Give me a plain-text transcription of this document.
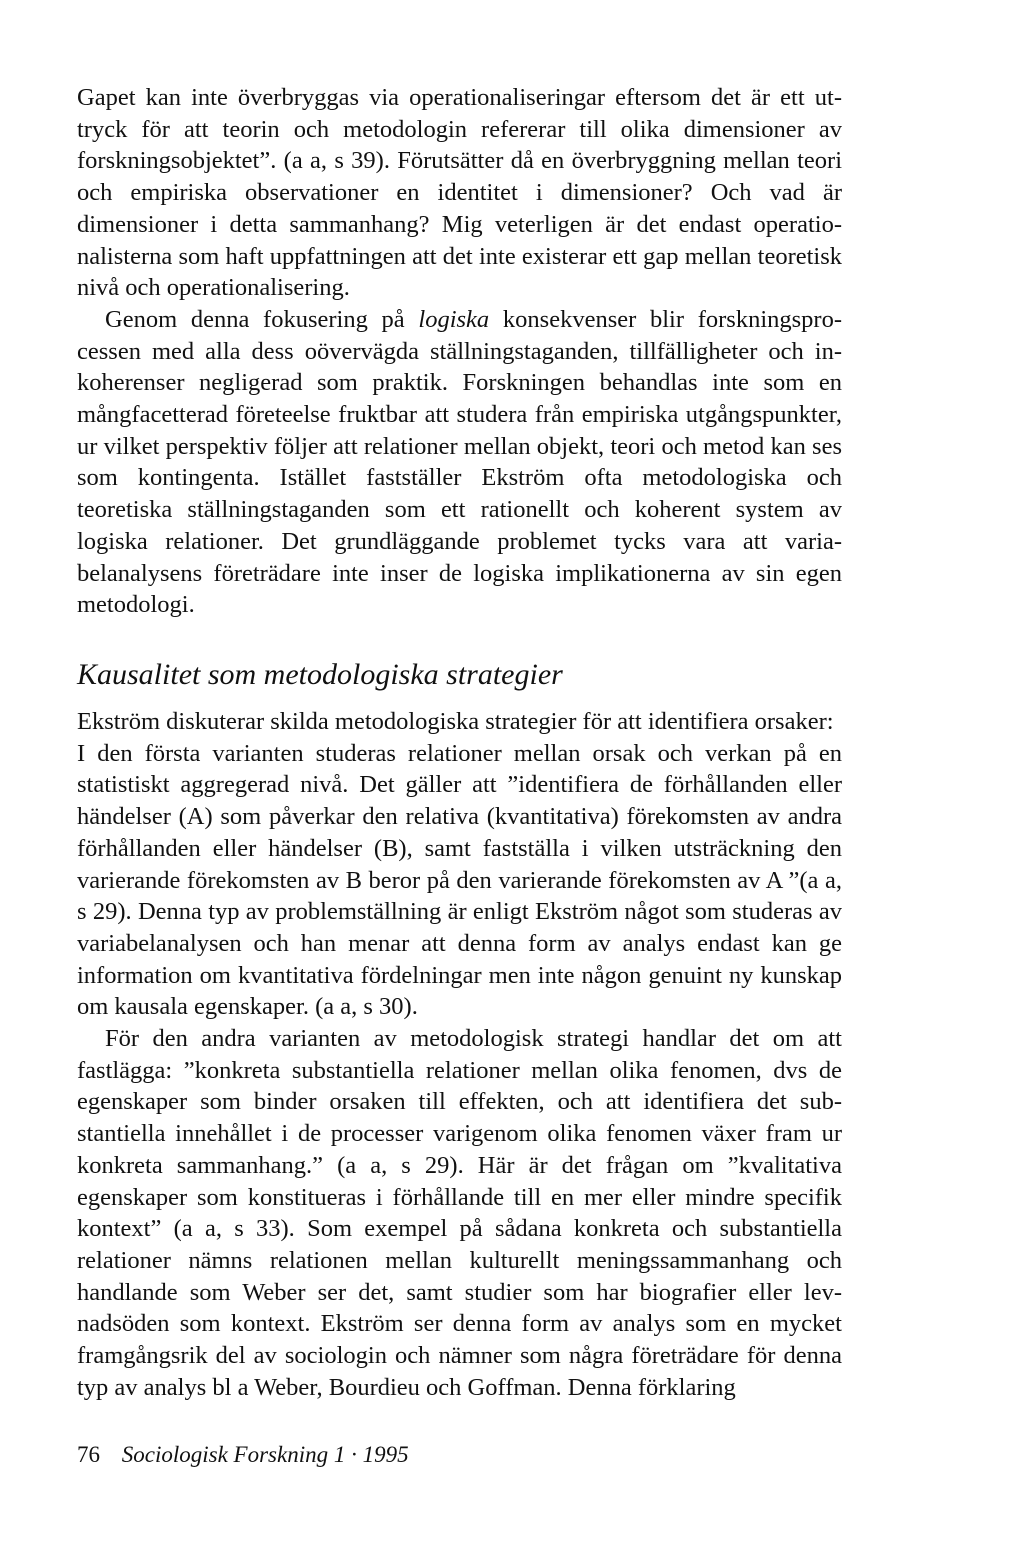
Gapet kan inte överbryggas via operationaliseringar eftersom det är ett uttryck för att teorin och metodologin refererar till olika dimensioner av forskningsobjektet”. (a a, s 39). Förutsätter då en överbryggning mellan teori och empiriska observationer en identitet i dimensioner? Och vad är dimensioner i detta sammanhang? Mig veterligen är det endast operationalisterna som haft uppfattningen att det inte existerar ett gap mellan teoretisk nivå och operationalisering.

Genom denna fokusering på logiska konsekvenser blir forskningsprocessen med alla dess oövervägda ställningstaganden, tillfälligheter och inkoherenser negligerad som praktik. Forskningen behandlas inte som en mångfacetterad företeelse fruktbar att studera från empiriska utgångspunkter, ur vilket perspektiv följer att relationer mellan objekt, teori och metod kan ses som kontingenta. Istället fastställer Ekström ofta metodologiska och teoretiska ställningstaganden som ett rationellt och koherent system av logiska relationer. Det grundläggande problemet tycks vara att variabelanalysens företrädare inte inser de logiska implikationerna av sin egen metodologi.

Kausalitet som metodologiska strategier

Ekström diskuterar skilda metodologiska strategier för att identifiera orsaker:

I den första varianten studeras relationer mellan orsak och verkan på en statistiskt aggregerad nivå. Det gäller att ”identifiera de förhållanden eller händelser (A) som påverkar den relativa (kvantitativa) förekomsten av andra förhållanden eller händelser (B), samt fastställa i vilken utsträckning den varierande förekomsten av B beror på den varierande förekomsten av A ”(a a, s 29). Denna typ av problemställning är enligt Ekström något som studeras av variabelanalysen och han menar att denna form av analys endast kan ge information om kvantitativa fördelningar men inte någon genuint ny kunskap om kausala egenskaper. (a a, s 30).

För den andra varianten av metodologisk strategi handlar det om att fastlägga: ”konkreta substantiella relationer mellan olika fenomen, dvs de egenskaper som binder orsaken till effekten, och att identifiera det substantiella innehållet i de processer varigenom olika fenomen växer fram ur konkreta sammanhang.” (a a, s 29). Här är det frågan om ”kvalitativa egenskaper som konstitueras i förhållande till en mer eller mindre specifik kontext” (a a, s 33). Som exempel på sådana konkreta och substantiella relationer nämns relationen mellan kulturellt meningssammanhang och handlande som Weber ser det, samt studier som har biografier eller levnadsöden som kontext. Ekström ser denna form av analys som en mycket framgångsrik del av sociologin och nämner som några företrädare för denna typ av analys bl a Weber, Bourdieu och Goffman. Denna förklaring

76 Sociologisk Forskning 1 · 1995
